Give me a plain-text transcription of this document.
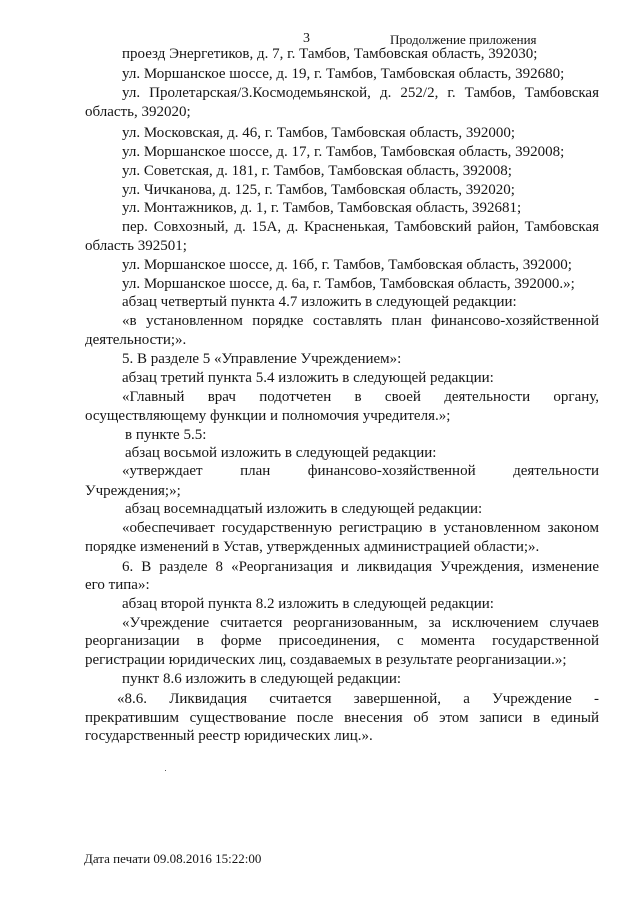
3	Продолжение приложения
проезд Энергетиков, д. 7, г. Тамбов, Тамбовская область, 392030;
ул. Моршанское шоссе, д. 19, г. Тамбов, Тамбовская область, 392680;
ул. Пролетарская/3.Космодемьянской, д. 252/2, г. Тамбов, Тамбовская
область, 392020;
ул. Московская, д. 46, г. Тамбов, Тамбовская область, 392000;
ул. Моршанское шоссе, д. 17, г. Тамбов, Тамбовская область, 392008;
ул. Советская, д. 181, г. Тамбов, Тамбовская область, 392008;
ул. Чичканова, д. 125, г. Тамбов, Тамбовская область, 392020;
ул. Монтажников, д. 1, г. Тамбов, Тамбовская область, 392681;
пер. Совхозный, д. 15А, д. Красненькая, Тамбовский район, Тамбовская
область 392501;
ул. Моршанское шоссе, д. 16б, г. Тамбов, Тамбовская область, 392000;
ул. Моршанское шоссе, д. 6а, г. Тамбов, Тамбовская область, 392000.»;
абзац четвертый пункта 4.7 изложить в следующей редакции:
«в установленном порядке составлять план финансово-хозяйственной
деятельности;».
5. В разделе 5 «Управление Учреждением»:
абзац третий пункта 5.4 изложить в следующей редакции:
«Главный врач подотчетен в своей деятельности органу,
осуществляющему функции и полномочия учредителя.»;
в пункте 5.5:
абзац восьмой изложить в следующей редакции:
«утверждает план финансово-хозяйственной деятельности
Учреждения;»;
абзац восемнадцатый изложить в следующей редакции:
«обеспечивает государственную регистрацию в установленном законом
порядке изменений в Устав, утвержденных администрацией области;».
6. В разделе 8 «Реорганизация и ликвидация Учреждения, изменение
его типа»:
абзац второй пункта 8.2 изложить в следующей редакции:
«Учреждение считается реорганизованным, за исключением случаев
реорганизации в форме присоединения, с момента государственной
регистрации юридических лиц, создаваемых в результате реорганизации.»;
пункт 8.6 изложить в следующей редакции:
«8.6. Ликвидация считается завершенной, а Учреждение -
прекратившим существование после внесения об этом записи в единый
государственный реестр юридических лиц.».
Дата печати 09.08.2016 15:22:00
